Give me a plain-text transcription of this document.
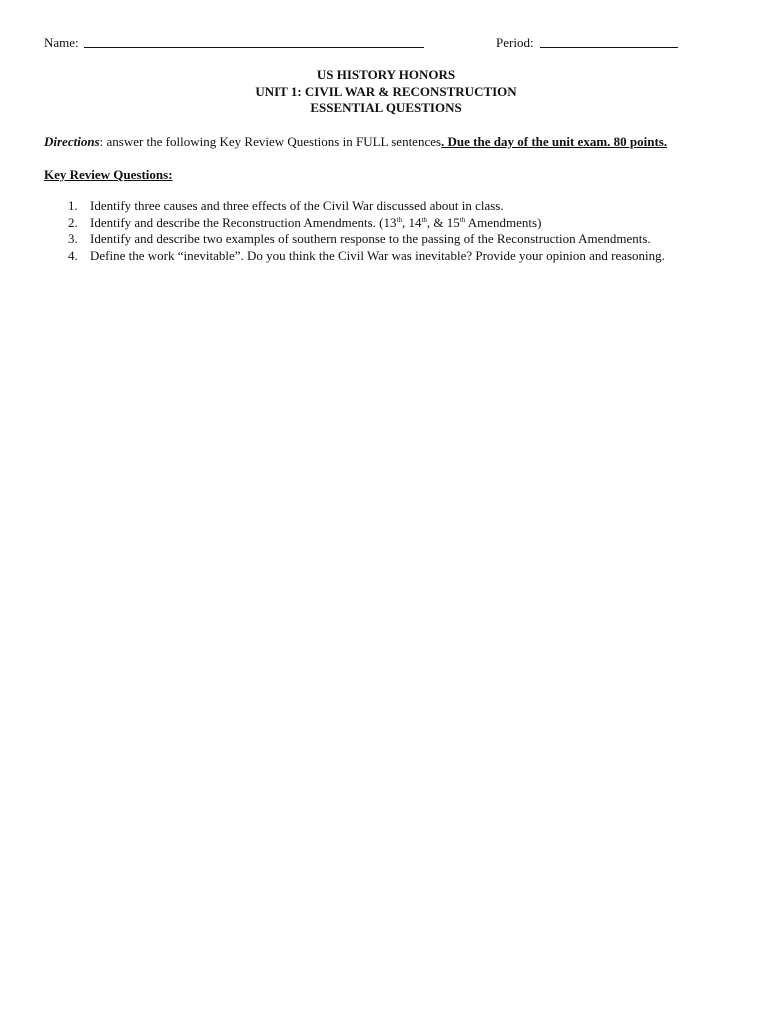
Name:	Period:
US HISTORY HONORS
UNIT 1: CIVIL WAR & RECONSTRUCTION
ESSENTIAL QUESTIONS
Directions: answer the following Key Review Questions in FULL sentences. Due the day of the unit exam. 80 points.
Key Review Questions:
1. Identify three causes and three effects of the Civil War discussed about in class.
2. Identify and describe the Reconstruction Amendments. (13th, 14th, & 15th Amendments)
3. Identify and describe two examples of southern response to the passing of the Reconstruction Amendments.
4. Define the work “inevitable”. Do you think the Civil War was inevitable? Provide your opinion and reasoning.
